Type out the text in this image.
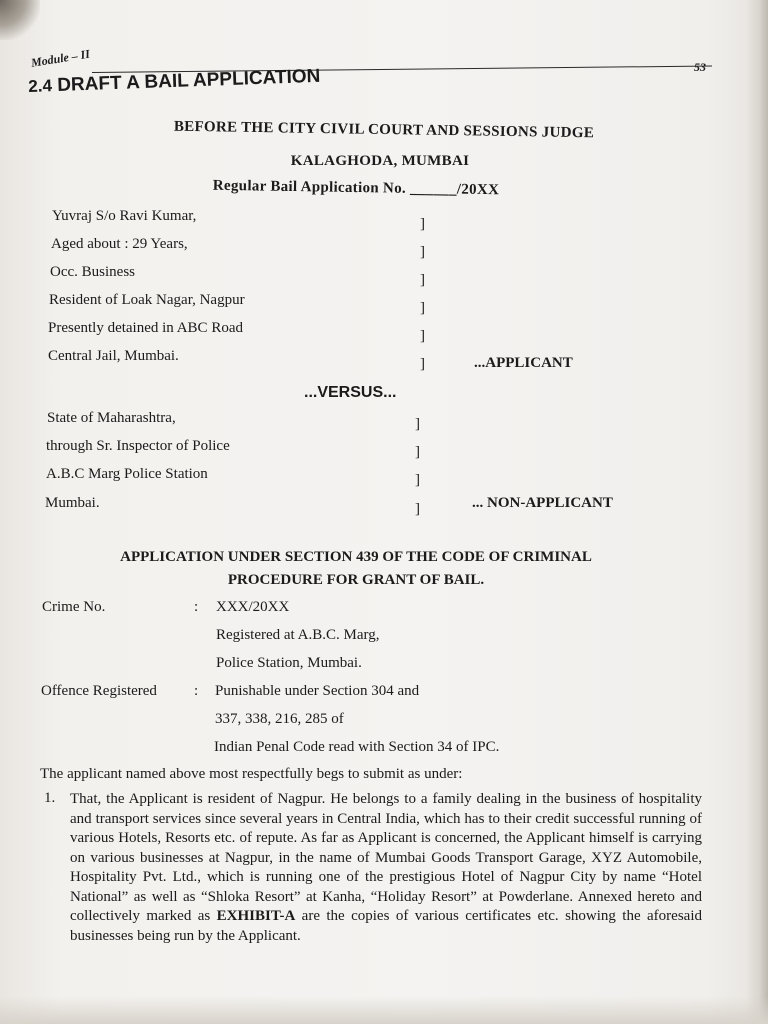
Module – II	53
2.4 DRAFT A BAIL APPLICATION
BEFORE THE CITY CIVIL COURT AND SESSIONS JUDGE
KALAGHODA, MUMBAI
Regular Bail Application No. ______/20XX
Yuvraj S/o Ravi Kumar,
Aged about : 29 Years,
Occ. Business
Resident of Loak Nagar, Nagpur
Presently detained in ABC Road
Central Jail, Mumbai.
]
]
]
]
]
]	...APPLICANT
...VERSUS...
State of Maharashtra,
through Sr. Inspector of Police
A.B.C Marg Police Station
Mumbai.
]
]
]
]	... NON-APPLICANT
APPLICATION UNDER SECTION 439 OF THE CODE OF CRIMINAL
PROCEDURE FOR GRANT OF BAIL.
Crime No.	: XXX/20XX
Registered at A.B.C. Marg,
Police Station, Mumbai.
Offence Registered : Punishable under Section 304 and
337, 338, 216, 285 of
Indian Penal Code read with Section 34 of IPC.
The applicant named above most respectfully begs to submit as under:
1. That, the Applicant is resident of Nagpur. He belongs to a family dealing in the business of hospitality and transport services since several years in Central India, which has to their credit successful running of various Hotels, Resorts etc. of repute. As far as Applicant is concerned, the Applicant himself is carrying on various businesses at Nagpur, in the name of Mumbai Goods Transport Garage, XYZ Automobile, Hospitality Pvt. Ltd., which is running one of the prestigious Hotel of Nagpur City by name “Hotel National” as well as “Shloka Resort” at Kanha, “Holiday Resort” at Powderlane. Annexed hereto and collectively marked as EXHIBIT-A are the copies of various certificates etc. showing the aforesaid businesses being run by the Applicant.
